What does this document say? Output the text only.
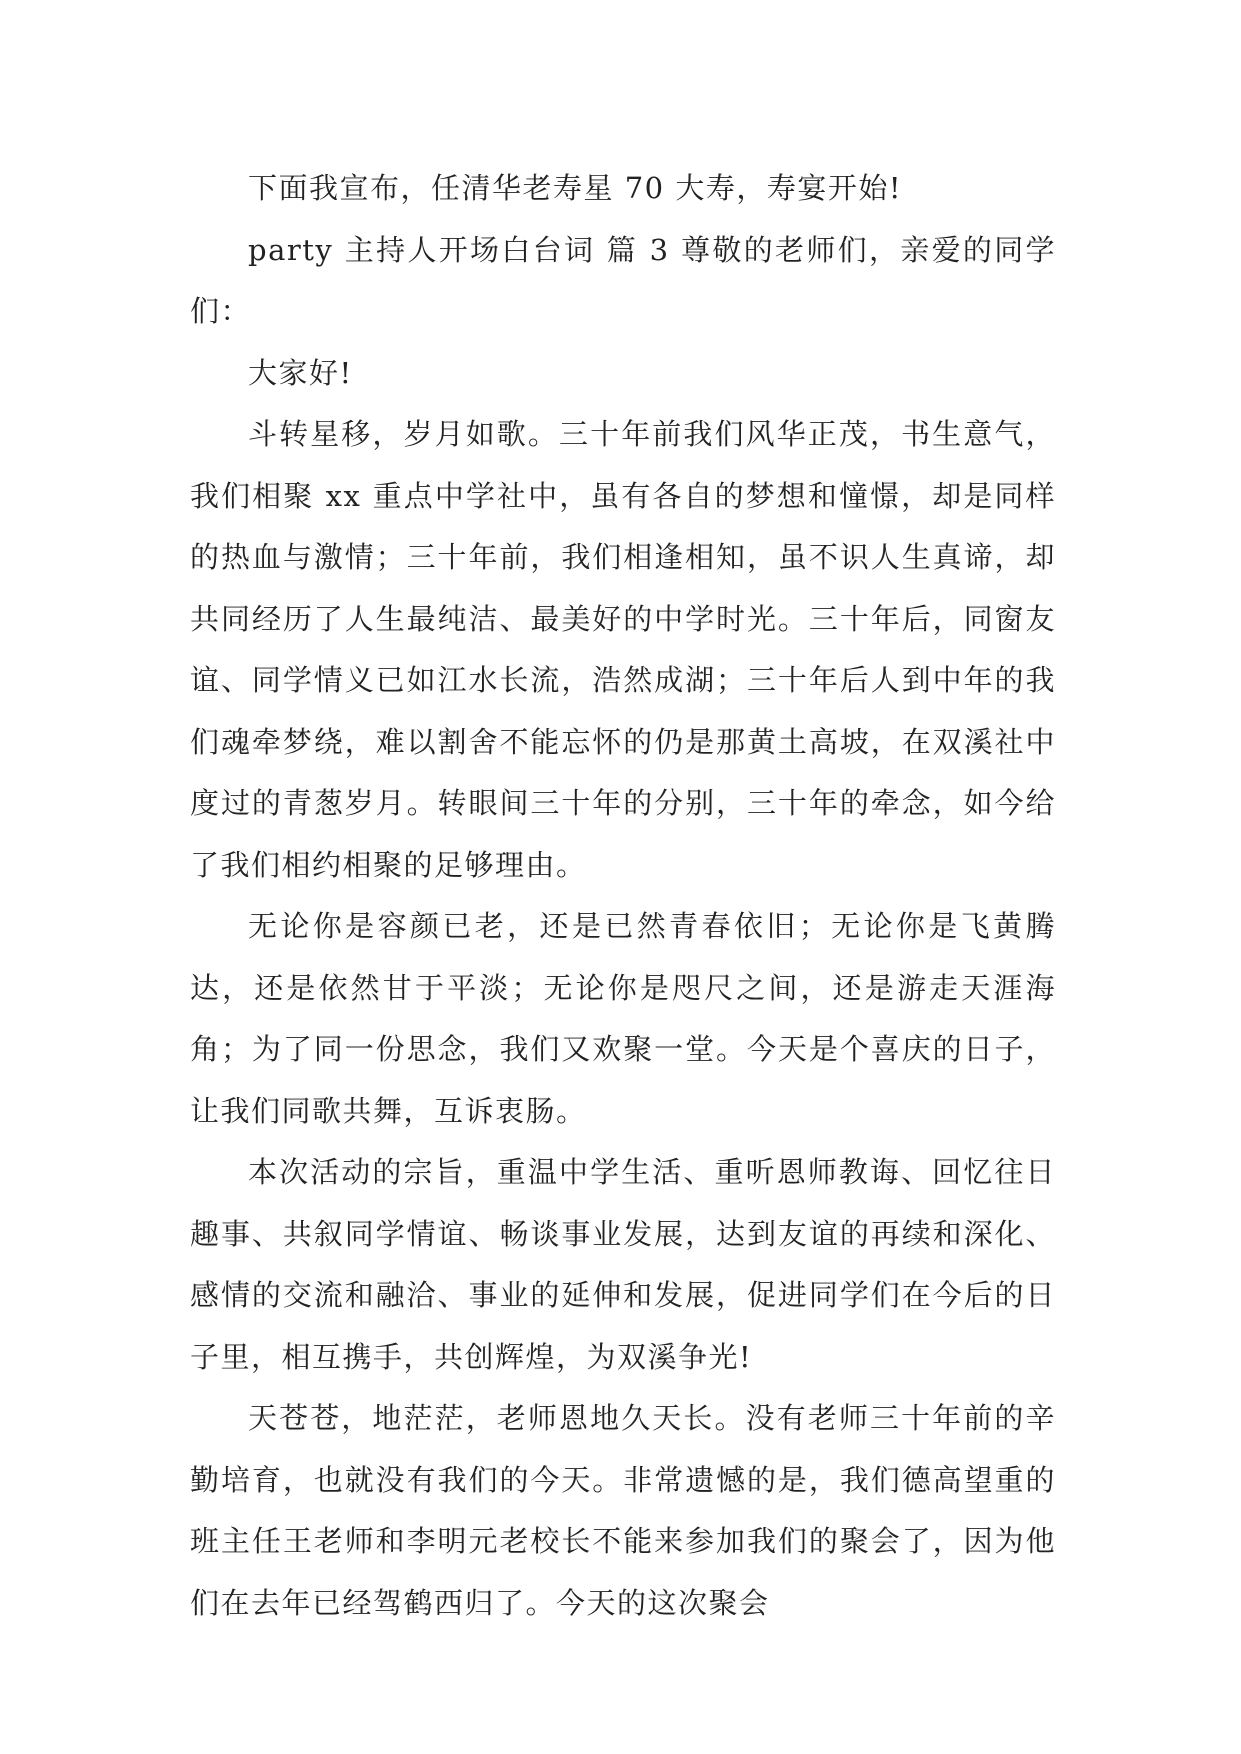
下面我宣布，任清华老寿星 70 大寿，寿宴开始!

party 主持人开场白台词 篇 3 尊敬的老师们，亲爱的同学们：

大家好!

斗转星移，岁月如歌。三十年前我们风华正茂，书生意气，我们相聚 xx 重点中学社中，虽有各自的梦想和憧憬，却是同样的热血与激情；三十年前，我们相逢相知，虽不识人生真谛，却共同经历了人生最纯洁、最美好的中学时光。三十年后，同窗友谊、同学情义已如江水长流，浩然成湖；三十年后人到中年的我们魂牵梦绕，难以割舍不能忘怀的仍是那黄土高坡，在双溪社中度过的青葱岁月。转眼间三十年的分别，三十年的牵念，如今给了我们相约相聚的足够理由。

无论你是容颜已老，还是已然青春依旧；无论你是飞黄腾达，还是依然甘于平淡；无论你是咫尺之间，还是游走天涯海角；为了同一份思念，我们又欢聚一堂。今天是个喜庆的日子，让我们同歌共舞，互诉衷肠。

本次活动的宗旨，重温中学生活、重听恩师教诲、回忆往日趣事、共叙同学情谊、畅谈事业发展，达到友谊的再续和深化、感情的交流和融洽、事业的延伸和发展，促进同学们在今后的日子里，相互携手，共创辉煌，为双溪争光!

天苍苍，地茫茫，老师恩地久天长。没有老师三十年前的辛勤培育，也就没有我们的今天。非常遗憾的是，我们德高望重的班主任王老师和李明元老校长不能来参加我们的聚会了，因为他们在去年已经驾鹤西归了。今天的这次聚会
